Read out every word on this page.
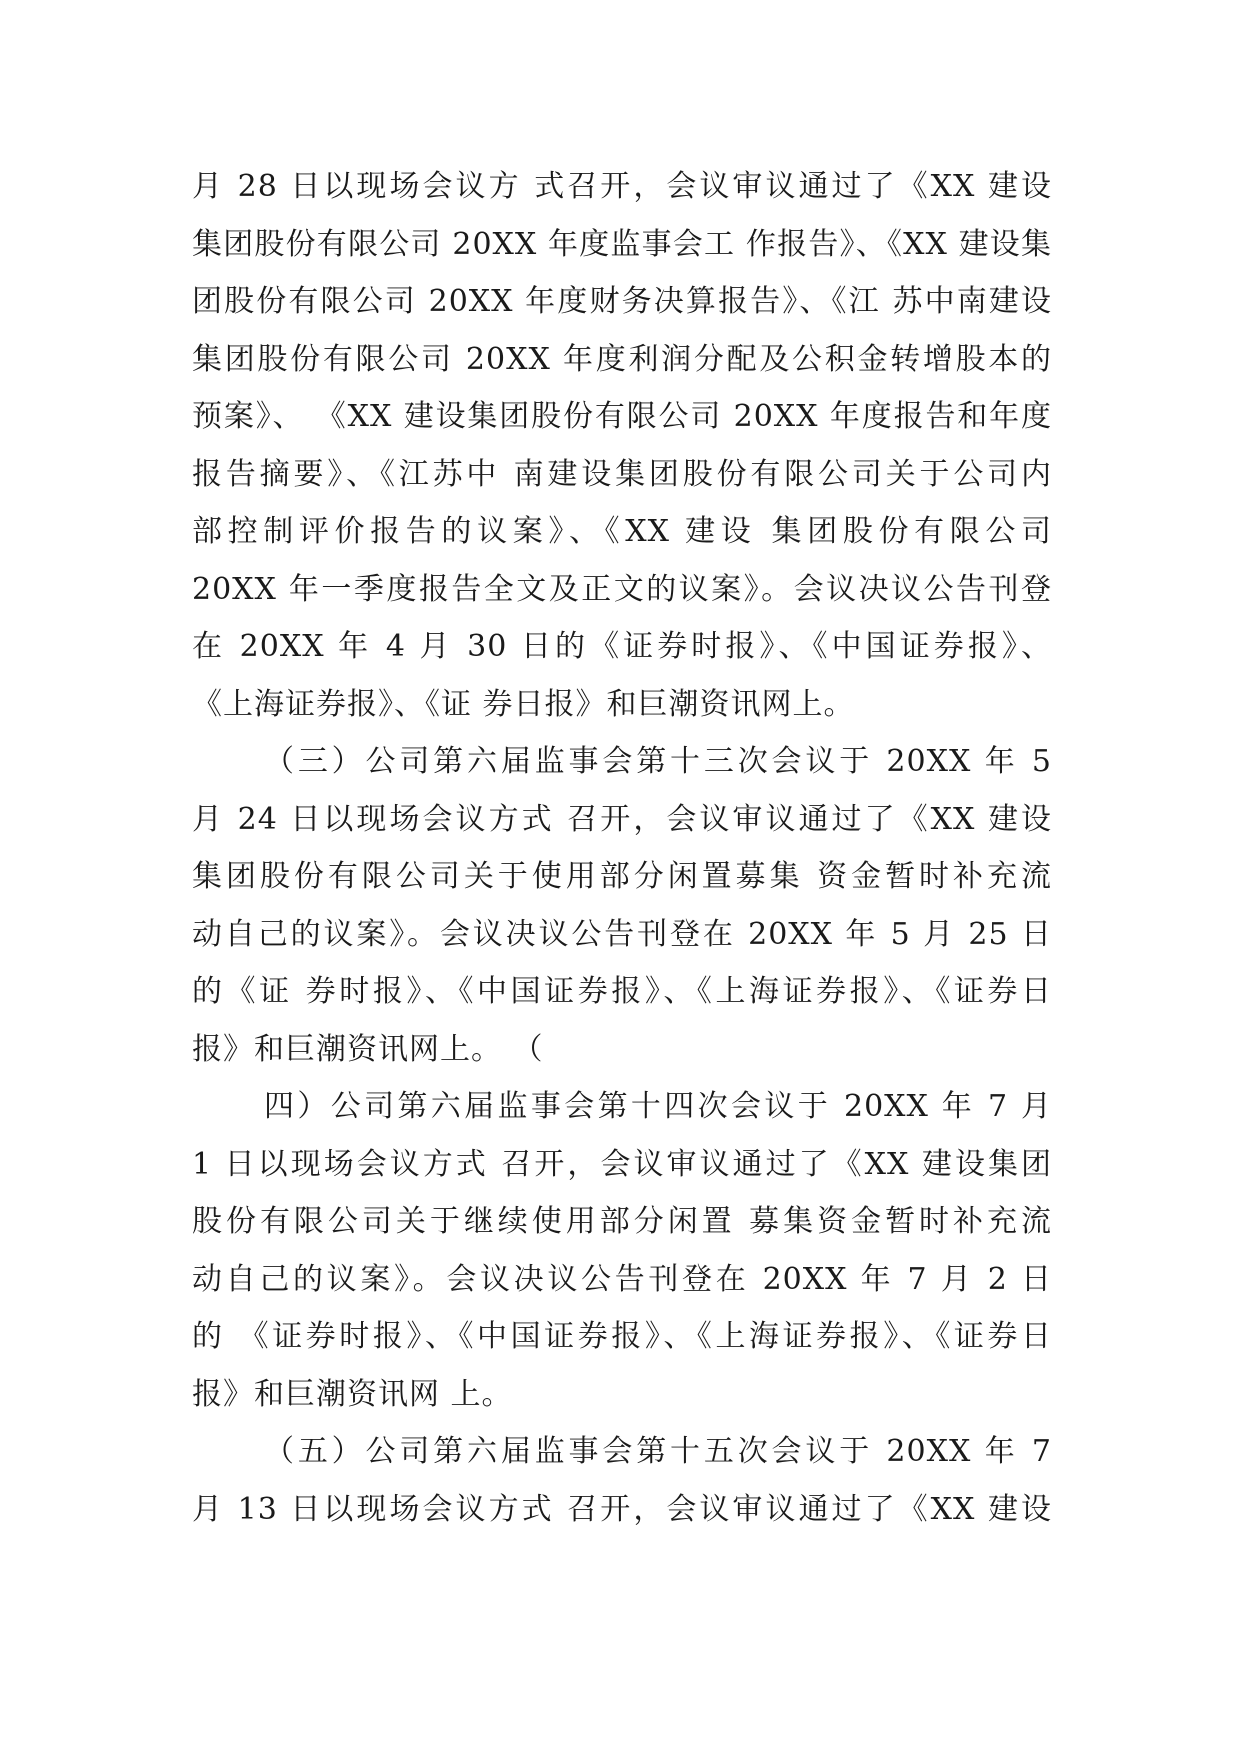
月 28 日以现场会议方 式召开，会议审议通过了《XX 建设
集团股份有限公司 20XX 年度监事会工 作报告》、《XX 建设集
团股份有限公司 20XX 年度财务决算报告》、《江 苏中南建设
集团股份有限公司 20XX 年度利润分配及公积金转增股本的
预案》、 《XX 建设集团股份有限公司 20XX 年度报告和年度
报告摘要》、《江苏中 南建设集团股份有限公司关于公司内
部控制评价报告的议案》、《XX 建设 集团股份有限公司
20XX 年一季度报告全文及正文的议案》。会议决议公告刊登
在 20XX 年 4 月 30 日的《证券时报》、《中国证券报》、
《上海证券报》、《证 券日报》和巨潮资讯网上。
（三）公司第六届监事会第十三次会议于 20XX 年 5
月 24 日以现场会议方式 召开，会议审议通过了《XX 建设
集团股份有限公司关于使用部分闲置募集 资金暂时补充流
动自己的议案》。会议决议公告刊登在 20XX 年 5 月 25 日
的《证 券时报》、《中国证券报》、《上海证券报》、《证券日
报》和巨潮资讯网上。 （
四）公司第六届监事会第十四次会议于 20XX 年 7 月
1 日以现场会议方式 召开，会议审议通过了《XX 建设集团
股份有限公司关于继续使用部分闲置 募集资金暂时补充流
动自己的议案》。会议决议公告刊登在 20XX 年 7 月 2 日
的 《证券时报》、《中国证券报》、《上海证券报》、《证券日
报》和巨潮资讯网 上。
（五）公司第六届监事会第十五次会议于 20XX 年 7
月 13 日以现场会议方式 召开，会议审议通过了《XX 建设
